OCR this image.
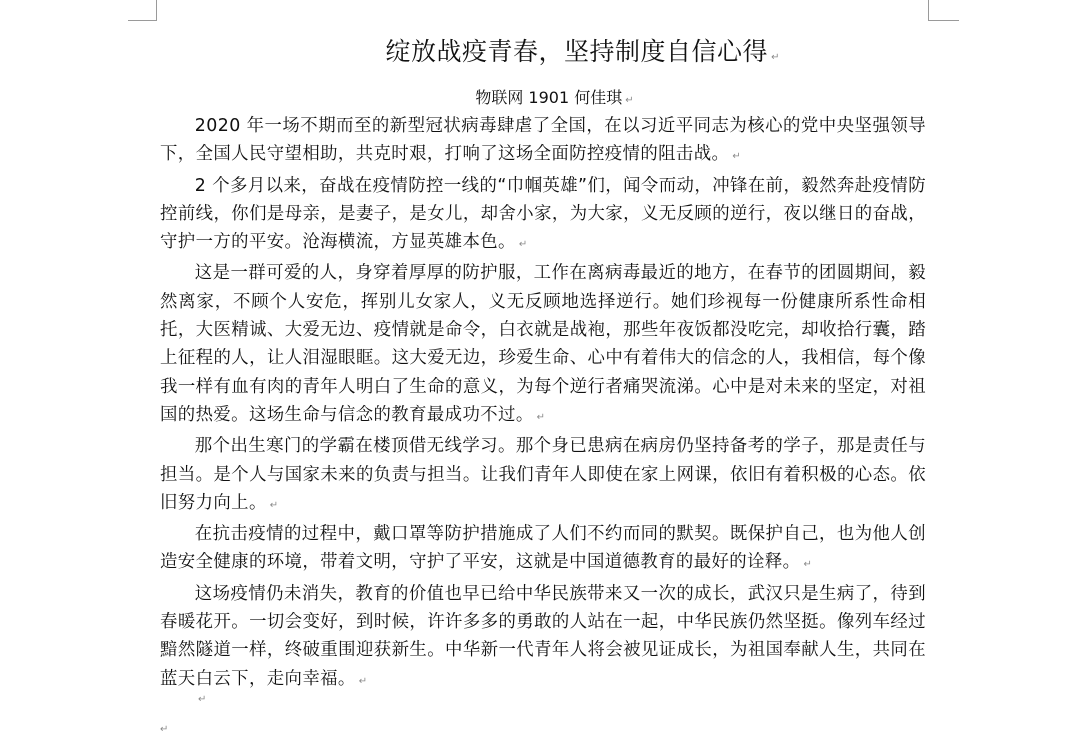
绽放战疫青春，坚持制度自信心得 ↵
物联网 1901 何佳琪 ↵

2020 年一场不期而至的新型冠状病毒肆虐了全国，在以习近平同志为核心的党中央坚强领导下，全国人民守望相助，共克时艰，打响了这场全面防控疫情的阻击战。 ↵

2 个多月以来，奋战在疫情防控一线的“巾帼英雄”们，闻令而动，冲锋在前，毅然奔赴疫情防控前线，你们是母亲，是妻子，是女儿，却舍小家，为大家，义无反顾的逆行，夜以继日的奋战，守护一方的平安。沧海横流，方显英雄本色。 ↵

这是一群可爱的人，身穿着厚厚的防护服，工作在离病毒最近的地方，在春节的团圆期间，毅然离家，不顾个人安危，挥别儿女家人，义无反顾地选择逆行。她们珍视每一份健康所系性命相托，大医精诚、大爱无边、疫情就是命令，白衣就是战袍，那些年夜饭都没吃完，却收拾行囊，踏上征程的人，让人泪湿眼眶。这大爱无边，珍爱生命、心中有着伟大的信念的人，我相信，每个像我一样有血有肉的青年人明白了生命的意义，为每个逆行者痛哭流涕。心中是对未来的坚定，对祖国的热爱。这场生命与信念的教育最成功不过。 ↵

那个出生寒门的学霸在楼顶借无线学习。那个身已患病在病房仍坚持备考的学子，那是责任与担当。是个人与国家未来的负责与担当。让我们青年人即使在家上网课，依旧有着积极的心态。依旧努力向上。 ↵

在抗击疫情的过程中，戴口罩等防护措施成了人们不约而同的默契。既保护自己，也为他人创造安全健康的环境，带着文明，守护了平安，这就是中国道德教育的最好的诠释。 ↵

这场疫情仍未消失，教育的价值也早已给中华民族带来又一次的成长，武汉只是生病了，待到春暖花开。一切会变好，到时候，许许多多的勇敢的人站在一起，中华民族仍然坚挺。像列车经过黯然隧道一样，终破重围迎获新生。中华新一代青年人将会被见证成长，为祖国奉献人生，共同在蓝天白云下，走向幸福。 ↵

↵
↵
